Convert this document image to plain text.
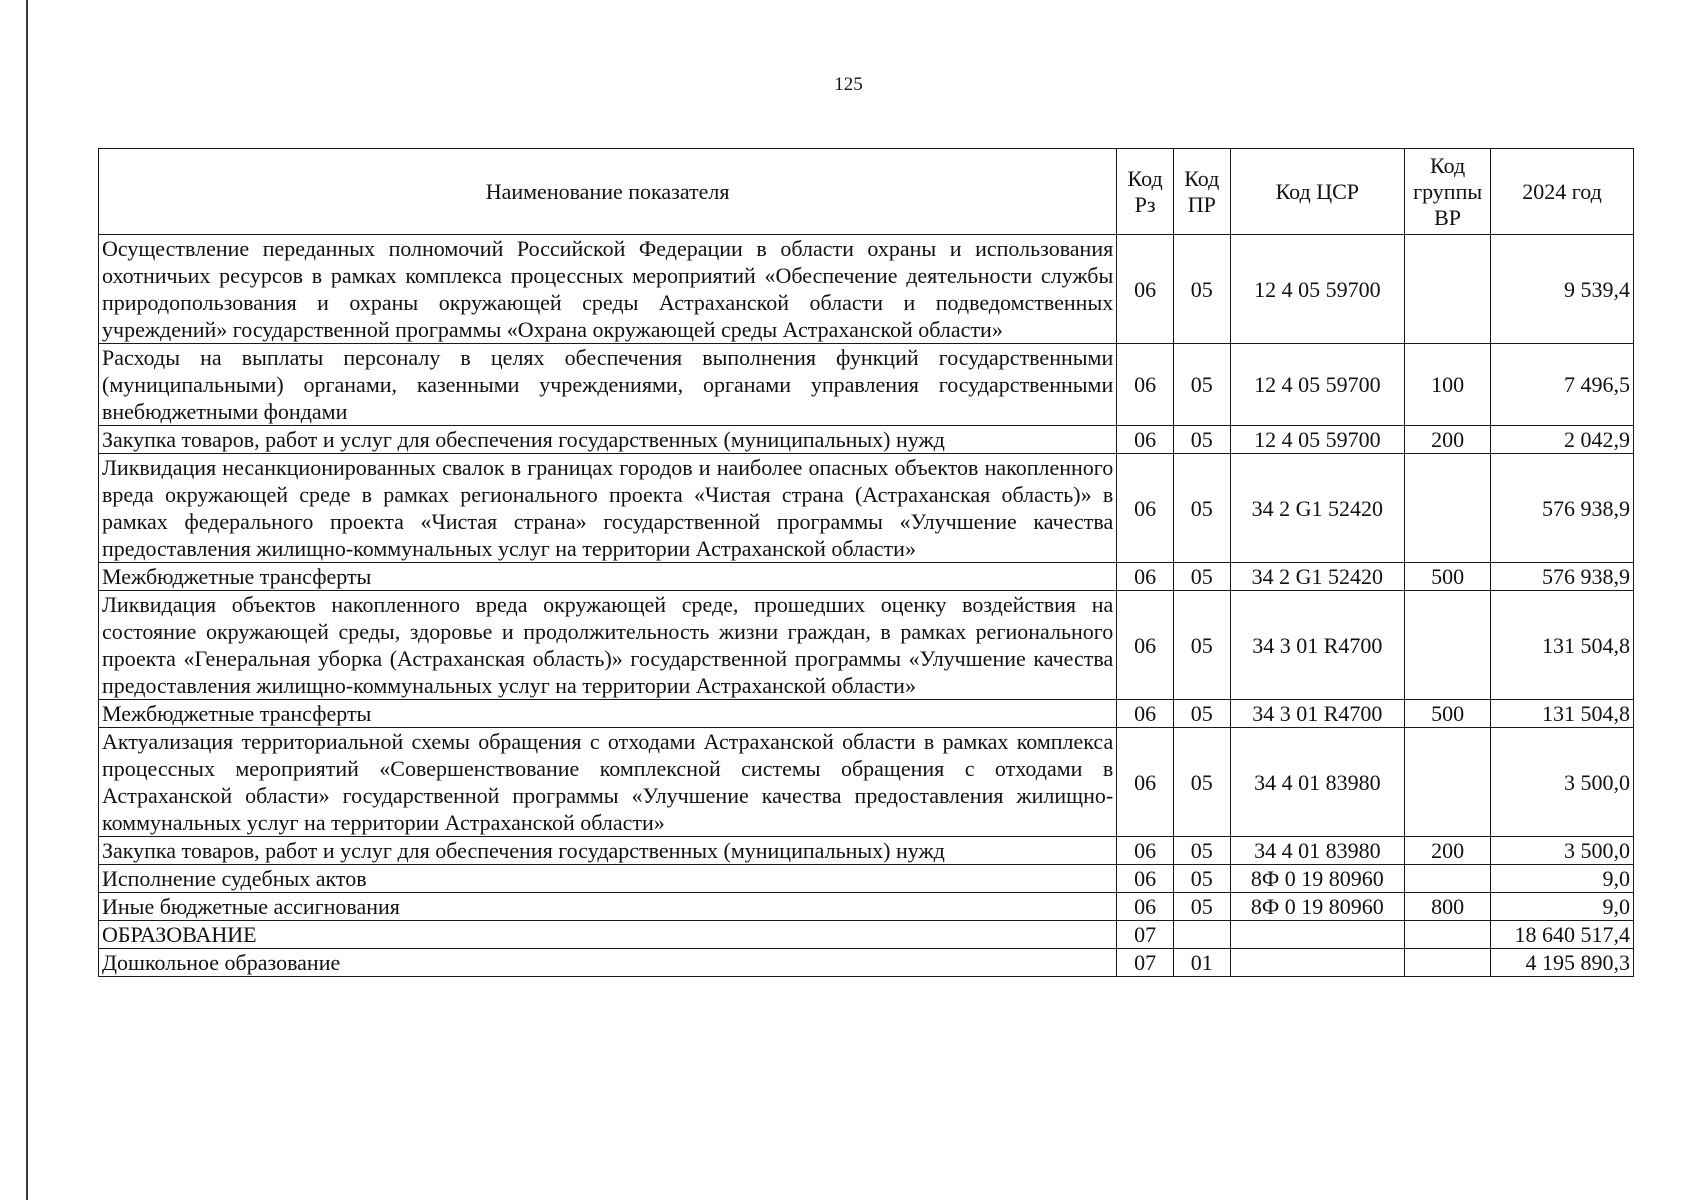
125
Наименование показателя	Код Рз	Код ПР	Код ЦСР	Код группы ВР	2024 год
Осуществление переданных полномочий Российской Федерации в области охраны и использования охотничьих ресурсов в рамках комплекса процессных мероприятий «Обеспечение деятельности службы природопользования и охраны окружающей среды Астраханской области и подведомственных учреждений» государственной программы «Охрана окружающей среды Астраханской области»	06	05	12 4 05 59700		9 539,4
Расходы на выплаты персоналу в целях обеспечения выполнения функций государственными (муниципальными) органами, казенными учреждениями, органами управления государственными внебюджетными фондами	06	05	12 4 05 59700	100	7 496,5
Закупка товаров, работ и услуг для обеспечения государственных (муниципальных) нужд	06	05	12 4 05 59700	200	2 042,9
Ликвидация несанкционированных свалок в границах городов и наиболее опасных объектов накопленного вреда окружающей среде в рамках регионального проекта «Чистая страна (Астраханская область)» в рамках федерального проекта «Чистая страна» государственной программы «Улучшение качества предоставления жилищно-коммунальных услуг на территории Астраханской области»	06	05	34 2 G1 52420		576 938,9
Межбюджетные трансферты	06	05	34 2 G1 52420	500	576 938,9
Ликвидация объектов накопленного вреда окружающей среде, прошедших оценку воздействия на состояние окружающей среды, здоровье и продолжительность жизни граждан, в рамках регионального проекта «Генеральная уборка (Астраханская область)» государственной программы «Улучшение качества предоставления жилищно-коммунальных услуг на территории Астраханской области»	06	05	34 3 01 R4700		131 504,8
Межбюджетные трансферты	06	05	34 3 01 R4700	500	131 504,8
Актуализация территориальной схемы обращения с отходами Астраханской области в рамках комплекса процессных мероприятий «Совершенствование комплексной системы обращения с отходами в Астраханской области» государственной программы «Улучшение качества предоставления жилищно-коммунальных услуг на территории Астраханской области»	06	05	34 4 01 83980		3 500,0
Закупка товаров, работ и услуг для обеспечения государственных (муниципальных) нужд	06	05	34 4 01 83980	200	3 500,0
Исполнение судебных актов	06	05	8Ф 0 19 80960		9,0
Иные бюджетные ассигнования	06	05	8Ф 0 19 80960	800	9,0
ОБРАЗОВАНИЕ	07				18 640 517,4
Дошкольное образование	07	01			4 195 890,3
